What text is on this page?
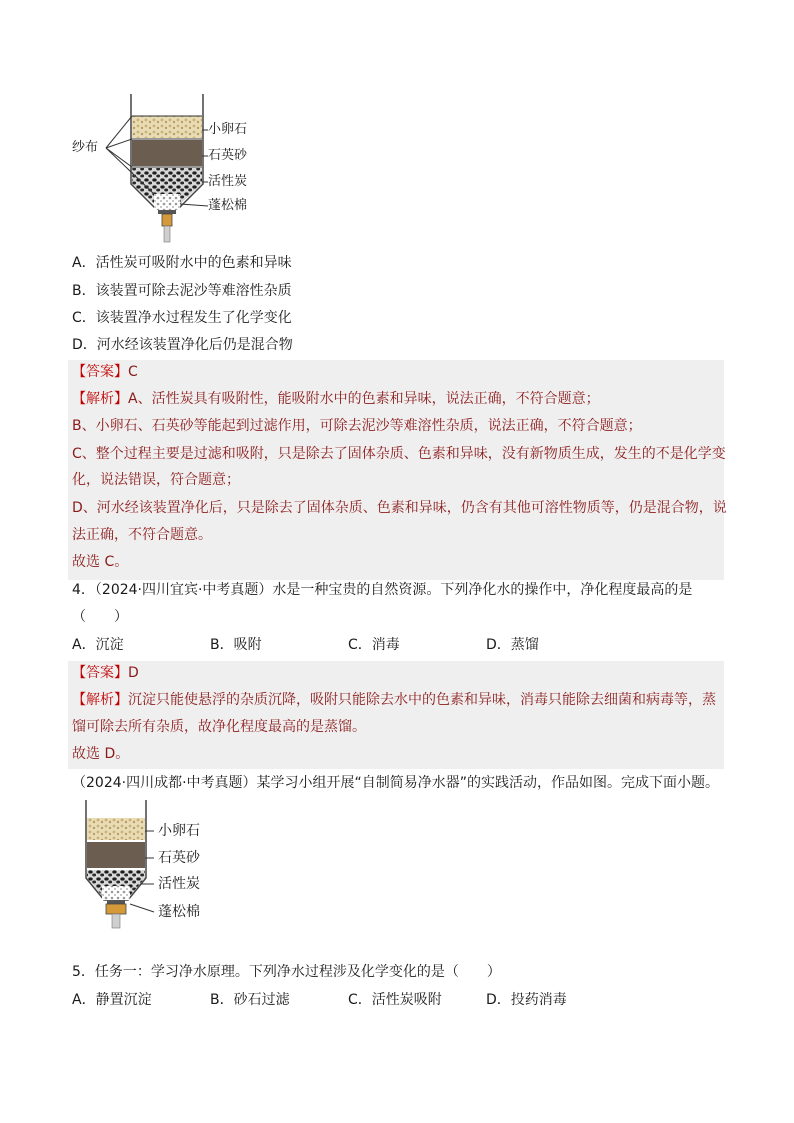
纱布
小卵石
石英砂
活性炭
蓬松棉
A．活性炭可吸附水中的色素和异味
B．该装置可除去泥沙等难溶性杂质
C．该装置净水过程发生了化学变化
D．河水经该装置净化后仍是混合物
【答案】C
【解析】A、活性炭具有吸附性，能吸附水中的色素和异味，说法正确，不符合题意；
B、小卵石、石英砂等能起到过滤作用，可除去泥沙等难溶性杂质，说法正确，不符合题意；
C、整个过程主要是过滤和吸附，只是除去了固体杂质、色素和异味，没有新物质生成，发生的不是化学变
化，说法错误，符合题意；
D、河水经该装置净化后，只是除去了固体杂质、色素和异味，仍含有其他可溶性物质等，仍是混合物，说
法正确，不符合题意。
故选 C。
4．（2024·四川宜宾·中考真题）水是一种宝贵的自然资源。下列净化水的操作中，净化程度最高的是
（　　）
A．沉淀	B．吸附	C．消毒	D．蒸馏
【答案】D
【解析】沉淀只能使悬浮的杂质沉降，吸附只能除去水中的色素和异味，消毒只能除去细菌和病毒等，蒸
馏可除去所有杂质，故净化程度最高的是蒸馏。
故选 D。
（2024·四川成都·中考真题）某学习小组开展“自制简易净水器”的实践活动，作品如图。完成下面小题。
小卵石
石英砂
活性炭
蓬松棉
5．任务一：学习净水原理。下列净水过程涉及化学变化的是（　　）
A．静置沉淀	B．砂石过滤	C．活性炭吸附	D．投药消毒
